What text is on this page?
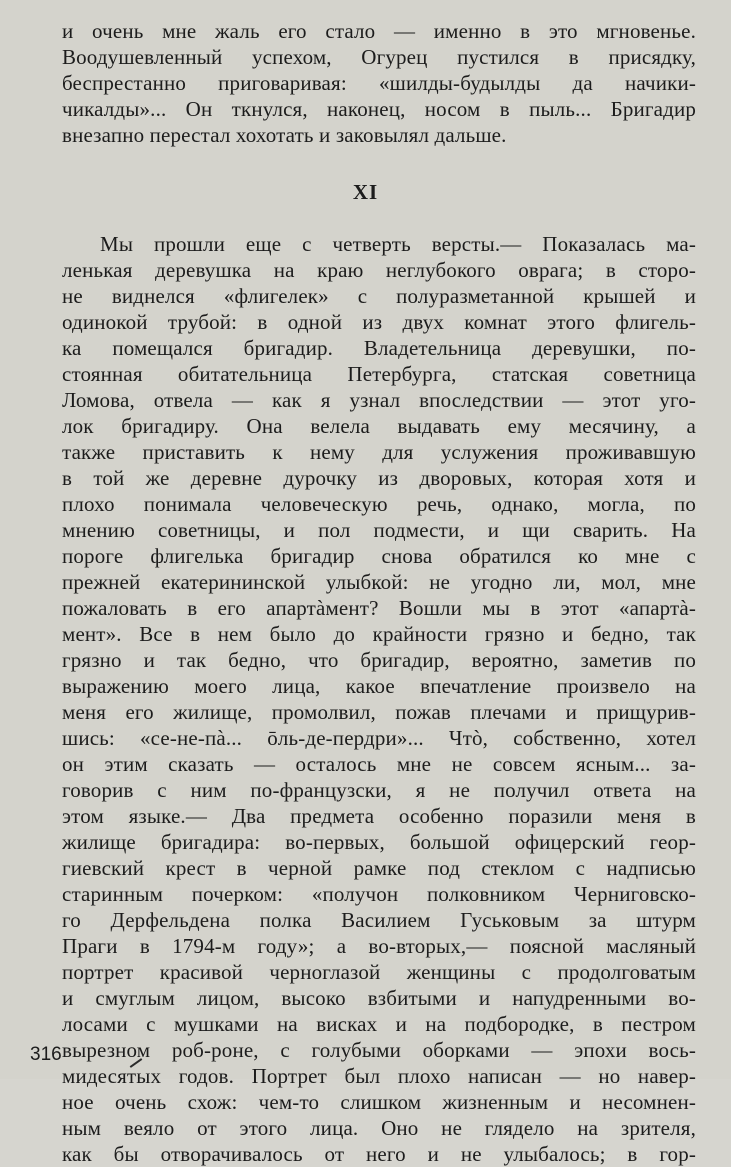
и очень мне жаль его стало — именно в это мгновенье.
Воодушевленный успехом, Огурец пустился в присядку,
беспрестанно приговаривая: «шилды-будылды да начики-
чикалды»... Он ткнулся, наконец, носом в пыль... Бригадир
внезапно перестал хохотать и заковылял дальше.
XI
Мы прошли еще с четверть версты.— Показалась ма-
ленькая деревушка на краю неглубокого оврага; в сторо-
не виднелся «флигелек» с полуразметанной крышей и
одинокой трубой: в одной из двух комнат этого флигель-
ка помещался бригадир. Владетельница деревушки, по-
стоянная обитательница Петербурга, статская советница
Ломова, отвела — как я узнал впоследствии — этот уго-
лок бригадиру. Она велела выдавать ему месячину, а
также приставить к нему для услужения проживавшую
в той же деревне дурочку из дворовых, которая хотя и
плохо понимала человеческую речь, однако, могла, по
мнению советницы, и пол подмести, и щи сварить. На
пороге флигелька бригадир снова обратился ко мне с
прежней екатерининской улыбкой: не угодно ли, мол, мне
пожаловать в его апартàмент? Вошли мы в этот «апартà-
мент». Все в нем было до крайности грязно и бедно, так
грязно и так бедно, что бригадир, вероятно, заметив по
выражению моего лица, какое впечатление произвело на
меня его жилище, промолвил, пожав плечами и прищурив-
шись: «се-не-пà... ōль-де-пердри»... Чтò, собственно, хотел
он этим сказать — осталось мне не совсем ясным... за-
говорив с ним по-французски, я не получил ответа на
этом языке.— Два предмета особенно поразили меня в
жилище бригадира: во-первых, большой офицерский геор-
гиевский крест в черной рамке под стеклом с надписью
старинным почерком: «получон полковником Черниговско-
го Дерфельдена полка Василием Гуськовым за штурм
Праги в 1794-м году»; а во-вторых,— поясной масляный
портрет красивой черноглазой женщины с продолговатым
и смуглым лицом, высоко взбитыми и напудренными во-
лосами с мушками на висках и на подбородке, в пестром
вырезном роб-роне, с голубыми оборками — эпохи вось-
мидесятых годов. Портрет был плохо написан — но навер-
ное очень схож: чем-то слишком жизненным и несомнен-
ным веяло от этого лица. Оно не глядело на зрителя,
как бы отворачивалось от него и не улыбалось; в гор-
316
